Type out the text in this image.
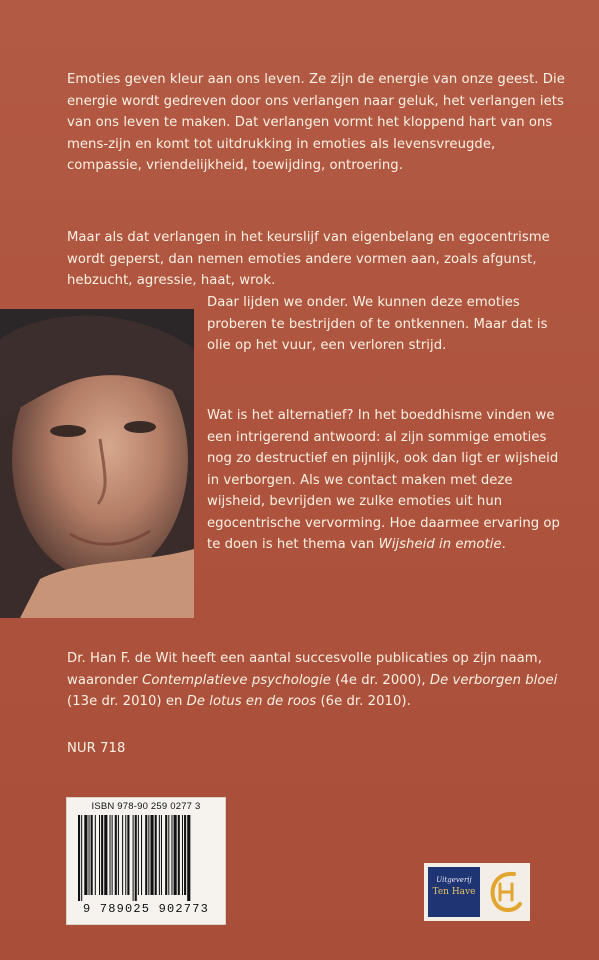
Emoties geven kleur aan ons leven. Ze zijn de energie van onze geest. Die energie wordt gedreven door ons verlangen naar geluk, het verlangen iets van ons leven te maken. Dat verlangen vormt het kloppend hart van ons mens-zijn en komt tot uitdrukking in emoties als levensvreugde, compassie, vriendelijkheid, toewijding, ontroering.

Maar als dat verlangen in het keurslijf van eigenbelang en egocentrisme wordt geperst, dan nemen emoties andere vormen aan, zoals afgunst, hebzucht, agressie, haat, wrok.

Daar lijden we onder. We kunnen deze emoties proberen te bestrijden of te ontkennen. Maar dat is olie op het vuur, een verloren strijd.

Wat is het alternatief? In het boeddhisme vinden we een intrigerend antwoord: al zijn sommige emoties nog zo destructief en pijnlijk, ook dan ligt er wijsheid in verborgen. Als we contact maken met deze wijsheid, bevrijden we zulke emoties uit hun egocentrische vervorming. Hoe daarmee ervaring op te doen is het thema van Wijsheid in emotie.

Dr. Han F. de Wit heeft een aantal succesvolle publicaties op zijn naam, waaronder Contemplatieve psychologie (4e dr. 2000), De verborgen bloei (13e dr. 2010) en De lotus en de roos (6e dr. 2010).

NUR 718

ISBN 978-90 259 0277 3
9 789025 902773
Uitgeverij
Ten Have
